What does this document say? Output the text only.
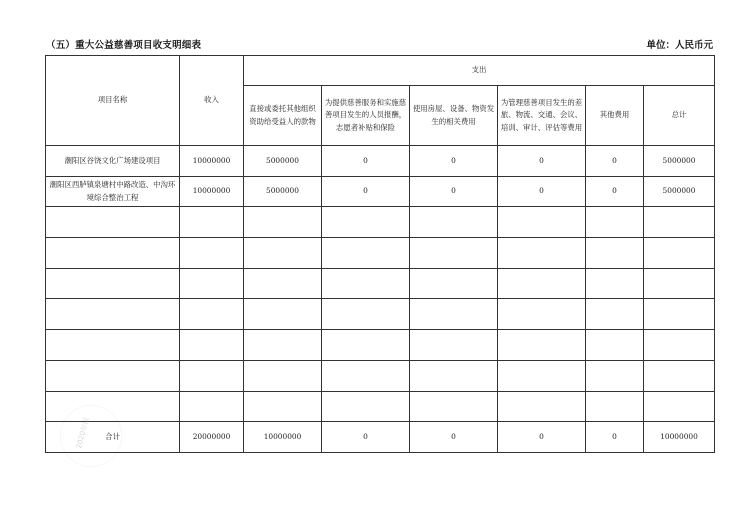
（五）重大公益慈善项目收支明细表	单位：人民币元
项目名称	收入	支出					
		直接或委托其他组织资助给受益人的款物	为提供慈善服务和实施慈善项目发生的人员报酬，志愿者补贴和保险	使用房屋、设备、物资发生的相关费用	为管理慈善项目发生的差旅、物流、交通、会议、培训、审计、评估等费用	其他费用	总计
潮阳区谷饶文化广场建设项目	10000000	5000000	0	0	0	0	5000000
潮阳区西胪镇泉塘村中路改造、中沟环境综合整治工程	10000000	5000000	0	0	0	0	5000000

合计	20000000	10000000	0	0	0	0	10000000
2020年报
